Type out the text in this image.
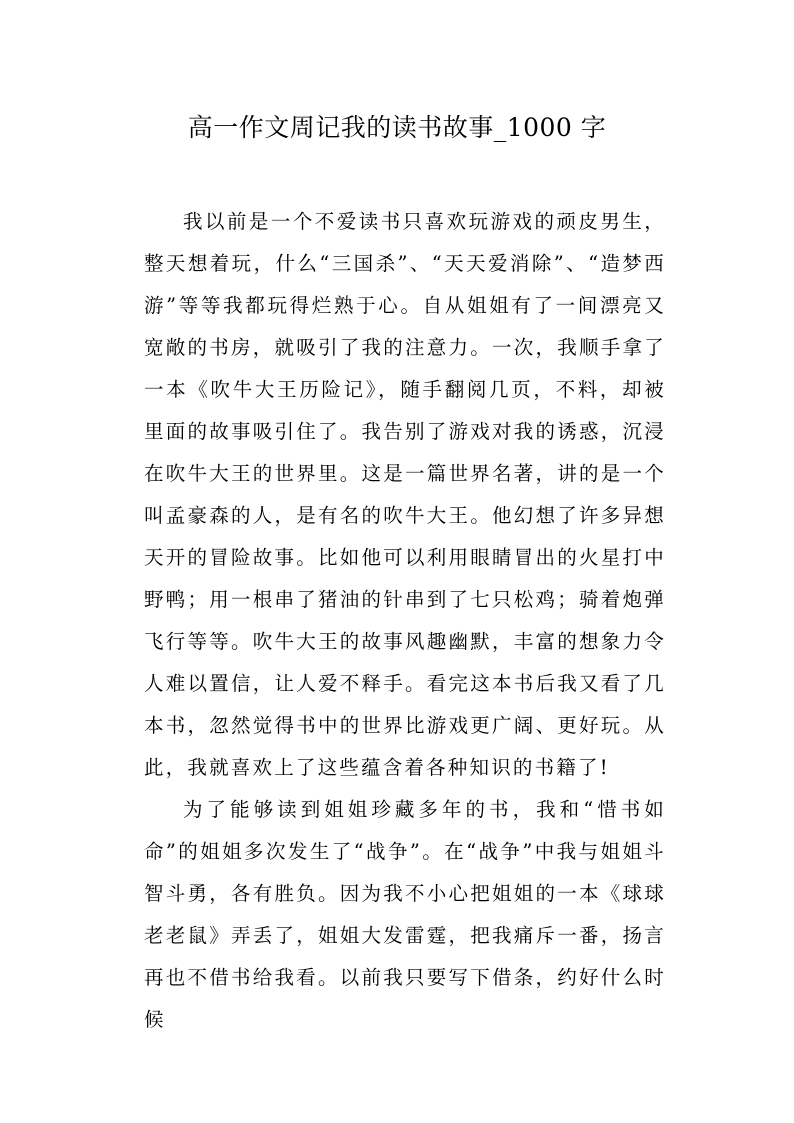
高一作文周记我的读书故事_1000 字

我以前是一个不爱读书只喜欢玩游戏的顽皮男生，整天想着玩，什么“三国杀”、“天天爱消除”、“造梦西游”等等我都玩得烂熟于心。自从姐姐有了一间漂亮又宽敞的书房，就吸引了我的注意力。一次，我顺手拿了一本《吹牛大王历险记》，随手翻阅几页，不料，却被里面的故事吸引住了。我告别了游戏对我的诱惑，沉浸在吹牛大王的世界里。这是一篇世界名著，讲的是一个叫孟豪森的人，是有名的吹牛大王。他幻想了许多异想天开的冒险故事。比如他可以利用眼睛冒出的火星打中野鸭；用一根串了猪油的针串到了七只松鸡；骑着炮弹飞行等等。吹牛大王的故事风趣幽默，丰富的想象力令人难以置信，让人爱不释手。看完这本书后我又看了几本书，忽然觉得书中的世界比游戏更广阔、更好玩。从此，我就喜欢上了这些蕴含着各种知识的书籍了!

为了能够读到姐姐珍藏多年的书，我和“惜书如命”的姐姐多次发生了“战争”。在“战争”中我与姐姐斗智斗勇，各有胜负。因为我不小心把姐姐的一本《球球老老鼠》弄丢了，姐姐大发雷霆，把我痛斥一番，扬言再也不借书给我看。以前我只要写下借条，约好什么时候
